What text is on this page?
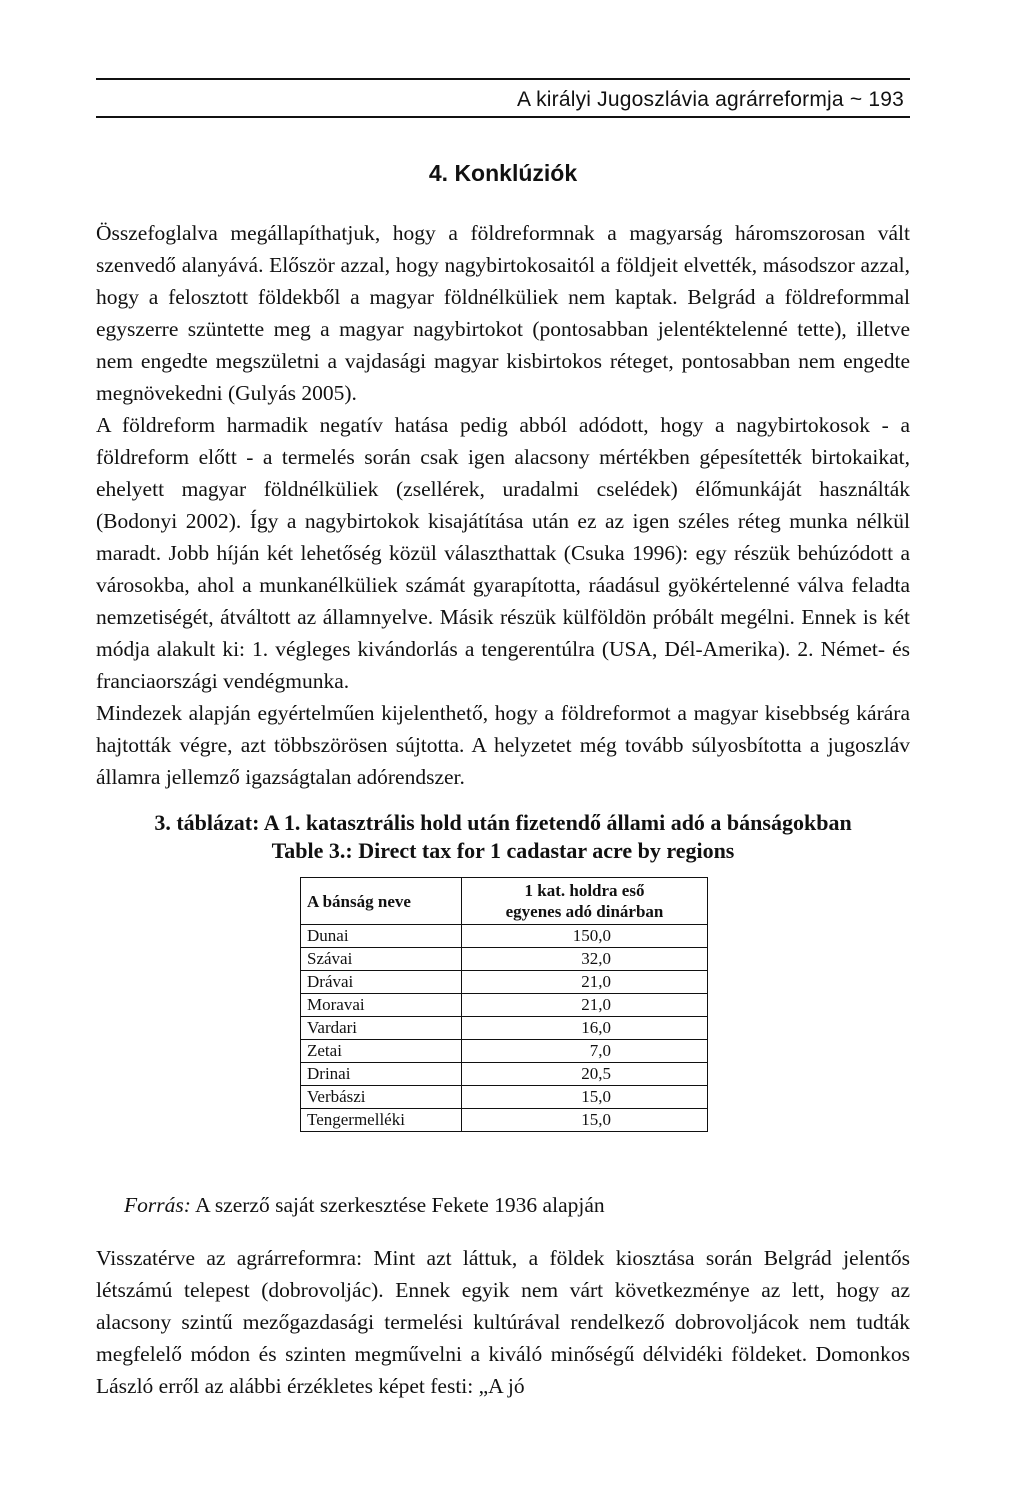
A királyi Jugoszlávia agrárreformja ~ 193
4. Konklúziók

Összefoglalva megállapíthatjuk, hogy a földreformnak a magyarság háromszorosan vált szenvedő alanyává. Először azzal, hogy nagybirtokosaitól a földjeit elvették, másodszor azzal, hogy a felosztott földekből a magyar földnélküliek nem kaptak. Belgrád a földreformmal egyszerre szüntette meg a magyar nagybirtokot (pontosabban jelentéktelenné tette), illetve nem engedte megszületni a vajdasági magyar kisbirtokos réteget, pontosabban nem engedte megnövekedni (Gulyás 2005).

A földreform harmadik negatív hatása pedig abból adódott, hogy a nagybirtokosok - a földreform előtt - a termelés során csak igen alacsony mértékben gépesítették birtokaikat, ehelyett magyar földnélküliek (zsellérek, uradalmi cselédek) élőmunkáját használták (Bodonyi 2002). Így a nagybirtokok kisajátítása után ez az igen széles réteg munka nélkül maradt. Jobb híján két lehetőség közül választhattak (Csuka 1996): egy részük behúzódott a városokba, ahol a munkanélküliek számát gyarapította, ráadásul gyökértelenné válva feladta nemzetiségét, átváltott az államnyelve. Másik részük külföldön próbált megélni. Ennek is két módja alakult ki: 1. végleges kivándorlás a tengerentúlra (USA, Dél-Amerika). 2. Német- és franciaországi vendégmunka.

Mindezek alapján egyértelműen kijelenthető, hogy a földreformot a magyar kisebbség kárára hajtották végre, azt többszörösen sújtotta. A helyzetet még tovább súlyosbította a jugoszláv államra jellemző igazságtalan adórendszer.

3. táblázat: A 1. katasztrális hold után fizetendő állami adó a bánságokban
Table 3.: Direct tax for 1 cadastar acre by regions
A bánság neve	1 kat. holdra eső
egyenes adó dinárban
Dunai	150,0
Szávai	32,0
Drávai	21,0
Moravai	21,0
Vardari	16,0
Zetai	7,0
Drinai	20,5
Verbászi	15,0
Tengermelléki	15,0
Forrás: A szerző saját szerkesztése Fekete 1936 alapján

Visszatérve az agrárreformra: Mint azt láttuk, a földek kiosztása során Belgrád jelentős létszámú telepest (dobrovoljác). Ennek egyik nem várt következménye az lett, hogy az alacsony szintű mezőgazdasági termelési kultúrával rendelkező dobrovoljácok nem tudták megfelelő módon és szinten megművelni a kiváló minőségű délvidéki földeket. Domonkos László erről az alábbi érzékletes képet festi: „A jó
